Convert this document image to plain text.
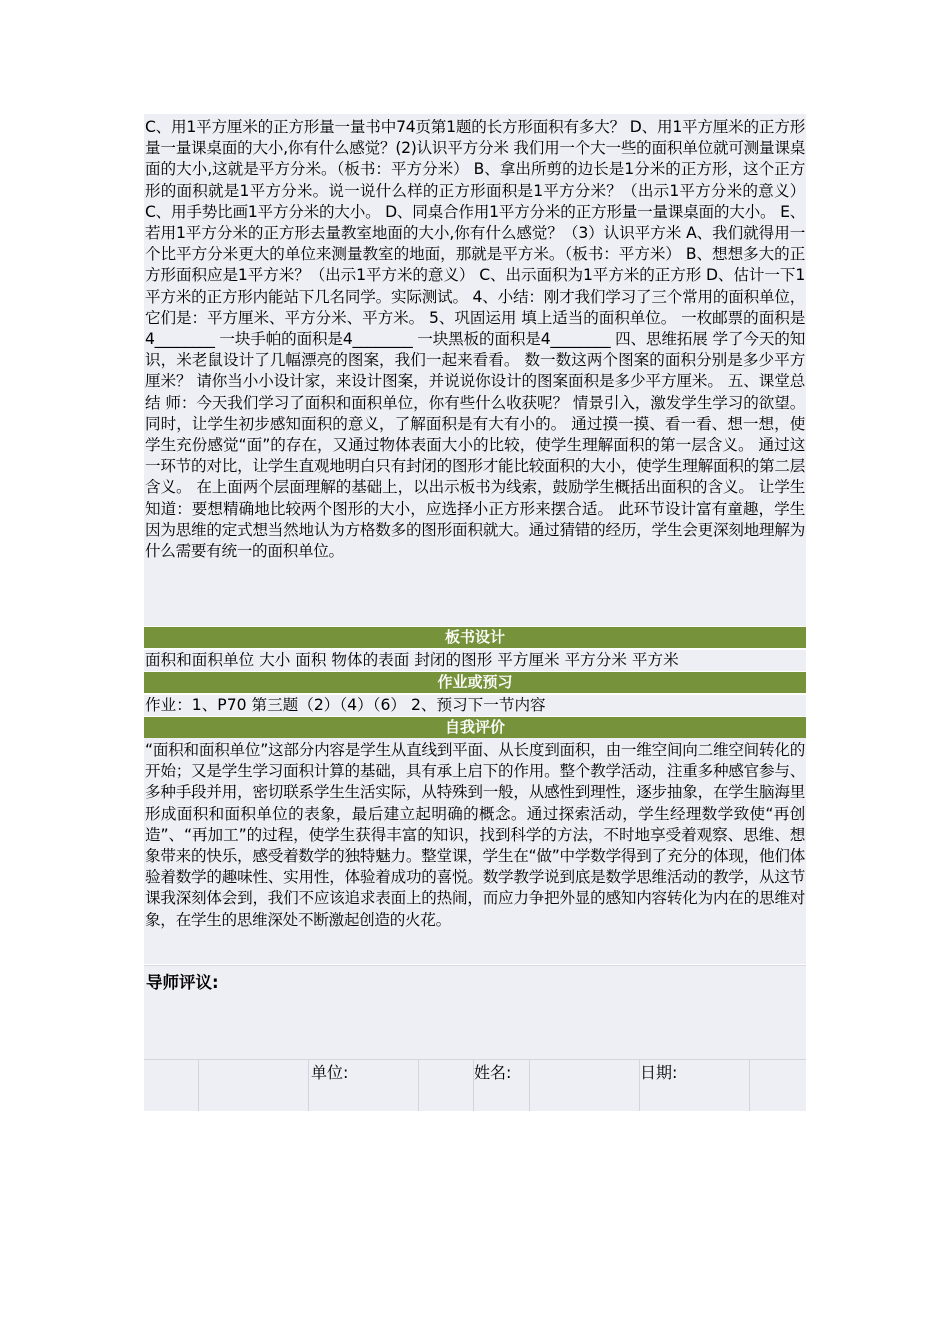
C、用1平方厘米的正方形量一量书中74页第1题的长方形面积有多大？ D、用1平方厘米的正方形量一量课桌面的大小,你有什么感觉？(2)认识平方分米 我们用一个大一些的面积单位就可测量课桌面的大小,这就是平方分米。（板书：平方分米） B、拿出所剪的边长是1分米的正方形，这个正方形的面积就是1平方分米。说一说什么样的正方形面积是1平方分米？（出示1平方分米的意义） C、用手势比画1平方分米的大小。 D、同桌合作用1平方分米的正方形量一量课桌面的大小。 E、若用1平方分米的正方形去量教室地面的大小,你有什么感觉？（3）认识平方米 A、我们就得用一个比平方分米更大的单位来测量教室的地面，那就是平方米。（板书：平方米） B、想想多大的正方形面积应是1平方米？（出示1平方米的意义） C、出示面积为1平方米的正方形 D、估计一下1平方米的正方形内能站下几名同学。实际测试。 4、小结：刚才我们学习了三个常用的面积单位，它们是：平方厘米、平方分米、平方米。 5、巩固运用 填上适当的面积单位。 一枚邮票的面积是4________ 一块手帕的面积是4________ 一块黑板的面积是4________ 四、思维拓展 学了今天的知识，米老鼠设计了几幅漂亮的图案，我们一起来看看。 数一数这两个图案的面积分别是多少平方厘米？ 请你当小小设计家，来设计图案，并说说你设计的图案面积是多少平方厘米。 五、课堂总结 师：今天我们学习了面积和面积单位，你有些什么收获呢？ 情景引入，激发学生学习的欲望。同时，让学生初步感知面积的意义，了解面积是有大有小的。 通过摸一摸、看一看、想一想，使学生充份感觉“面”的存在，又通过物体表面大小的比较，使学生理解面积的第一层含义。 通过这一环节的对比，让学生直观地明白只有封闭的图形才能比较面积的大小，使学生理解面积的第二层含义。 在上面两个层面理解的基础上，以出示板书为线索，鼓励学生概括出面积的含义。 让学生知道：要想精确地比较两个图形的大小，应选择小正方形来摆合适。 此环节设计富有童趣，学生因为思维的定式想当然地认为方格数多的图形面积就大。通过猜错的经历，学生会更深刻地理解为什么需要有统一的面积单位。
板书设计
面积和面积单位 大小 面积 物体的表面 封闭的图形 平方厘米 平方分米 平方米
作业或预习
作业：1、P70 第三题（2）（4）（6） 2、预习下一节内容
自我评价
“面积和面积单位”这部分内容是学生从直线到平面、从长度到面积，由一维空间向二维空间转化的开始；又是学生学习面积计算的基础，具有承上启下的作用。整个教学活动，注重多种感官参与、多种手段并用，密切联系学生生活实际，从特殊到一般，从感性到理性，逐步抽象，在学生脑海里形成面积和面积单位的表象，最后建立起明确的概念。通过探索活动，学生经理数学致使“再创造”、“再加工”的过程，使学生获得丰富的知识，找到科学的方法，不时地享受着观察、思维、想象带来的快乐，感受着数学的独特魅力。整堂课，学生在“做”中学数学得到了充分的体现，他们体验着数学的趣味性、实用性，体验着成功的喜悦。数学教学说到底是数学思维活动的教学，从这节课我深刻体会到，我们不应该追求表面上的热闹，而应力争把外显的感知内容转化为内在的思维对象，在学生的思维深处不断激起创造的火花。
导师评议:
单位:	姓名:	日期:
